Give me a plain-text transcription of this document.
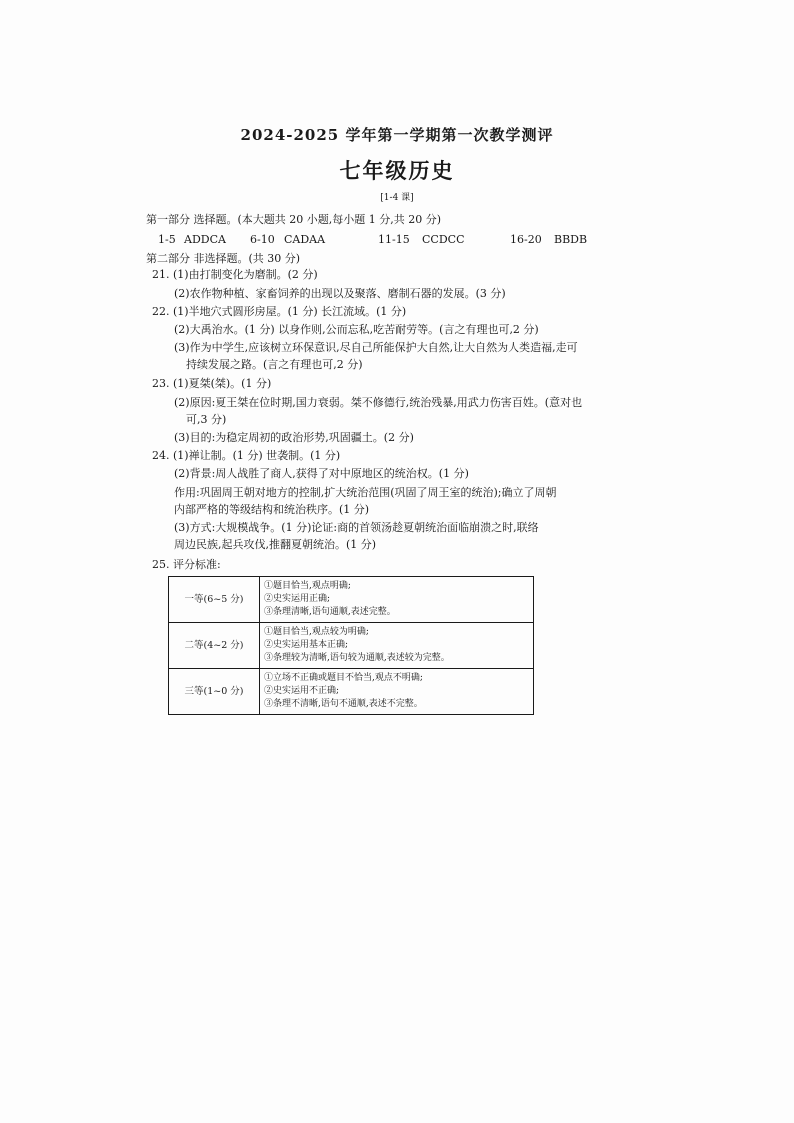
2024-2025 学年第一学期第一次教学测评
七年级历史
[1-4 课]
第一部分 选择题。(本大题共 20 小题,每小题 1 分,共 20 分)
1-5 ADDCA 6-10 CADAA	11-15 CCDCC	16-20 BBDB
第二部分 非选择题。(共 30 分)
21. (1)由打制变化为磨制。(2 分)
(2)农作物种植、家畜饲养的出现以及聚落、磨制石器的发展。(3 分)
22. (1)半地穴式圆形房屋。(1 分) 长江流域。(1 分)
(2)大禹治水。(1 分) 以身作则,公而忘私,吃苦耐劳等。(言之有理也可,2 分)
(3)作为中学生,应该树立环保意识,尽自己所能保护大自然,让大自然为人类造福,走可
持续发展之路。(言之有理也可,2 分)
23. (1)夏桀(桀)。(1 分)
(2)原因:夏王桀在位时期,国力衰弱。桀不修德行,统治残暴,用武力伤害百姓。(意对也
可,3 分)
(3)目的:为稳定周初的政治形势,巩固疆土。(2 分)
24. (1)禅让制。(1 分) 世袭制。(1 分)
(2)背景:周人战胜了商人,获得了对中原地区的统治权。(1 分)
作用:巩固周王朝对地方的控制,扩大统治范围(巩固了周王室的统治);确立了周朝
内部严格的等级结构和统治秩序。(1 分)
(3)方式:大规模战争。(1 分)论证:商的首领汤趁夏朝统治面临崩溃之时,联络
周边民族,起兵攻伐,推翻夏朝统治。(1 分)
25. 评分标准:
一等(6~5 分)	①题目恰当,观点明确;
②史实运用正确;
③条理清晰,语句通顺,表述完整。

二等(4~2 分)	①题目恰当,观点较为明确;
②史实运用基本正确;
③条理较为清晰,语句较为通顺,表述较为完整。

三等(1~0 分)	①立场不正确或题目不恰当,观点不明确;
②史实运用不正确;
③条理不清晰,语句不通顺,表述不完整。
